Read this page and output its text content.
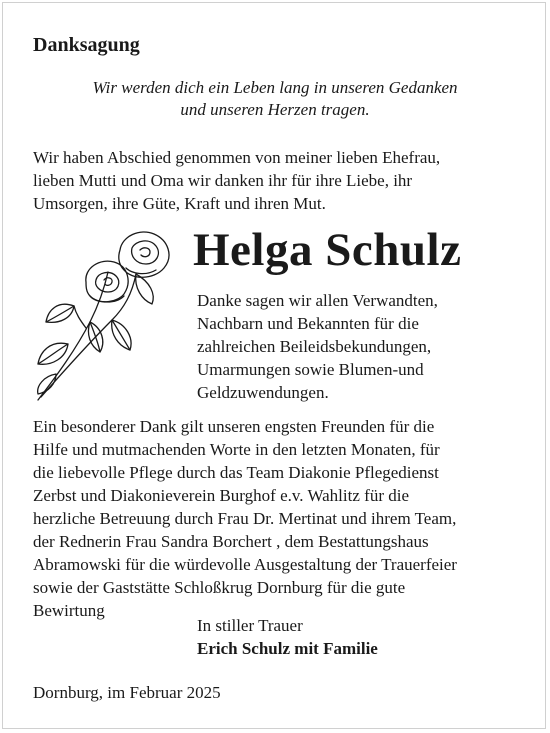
Danksagung
Wir werden dich ein Leben lang in unseren Gedanken
und unseren Herzen tragen.
Wir haben Abschied genommen von meiner lieben Ehefrau,
lieben Mutti und Oma wir danken ihr für ihre Liebe, ihr
Umsorgen, ihre Güte, Kraft und ihren Mut.
Helga Schulz
Danke sagen wir allen Verwandten,
Nachbarn und Bekannten für die
zahlreichen Beileidsbekundungen,
Umarmungen sowie Blumen-und
Geldzuwendungen.
Ein besonderer Dank gilt unseren engsten Freunden für die
Hilfe und mutmachenden Worte in den letzten Monaten, für
die liebevolle Pflege durch das Team Diakonie Pflegedienst
Zerbst und Diakonieverein Burghof e.v. Wahlitz für die
herzliche Betreuung durch Frau Dr. Mertinat und ihrem Team,
der Rednerin Frau Sandra Borchert , dem Bestattungshaus
Abramowski für die würdevolle Ausgestaltung der Trauerfeier
sowie der Gaststätte Schloßkrug Dornburg für die gute
Bewirtung
In stiller Trauer
Erich Schulz mit Familie
Dornburg, im Februar 2025
